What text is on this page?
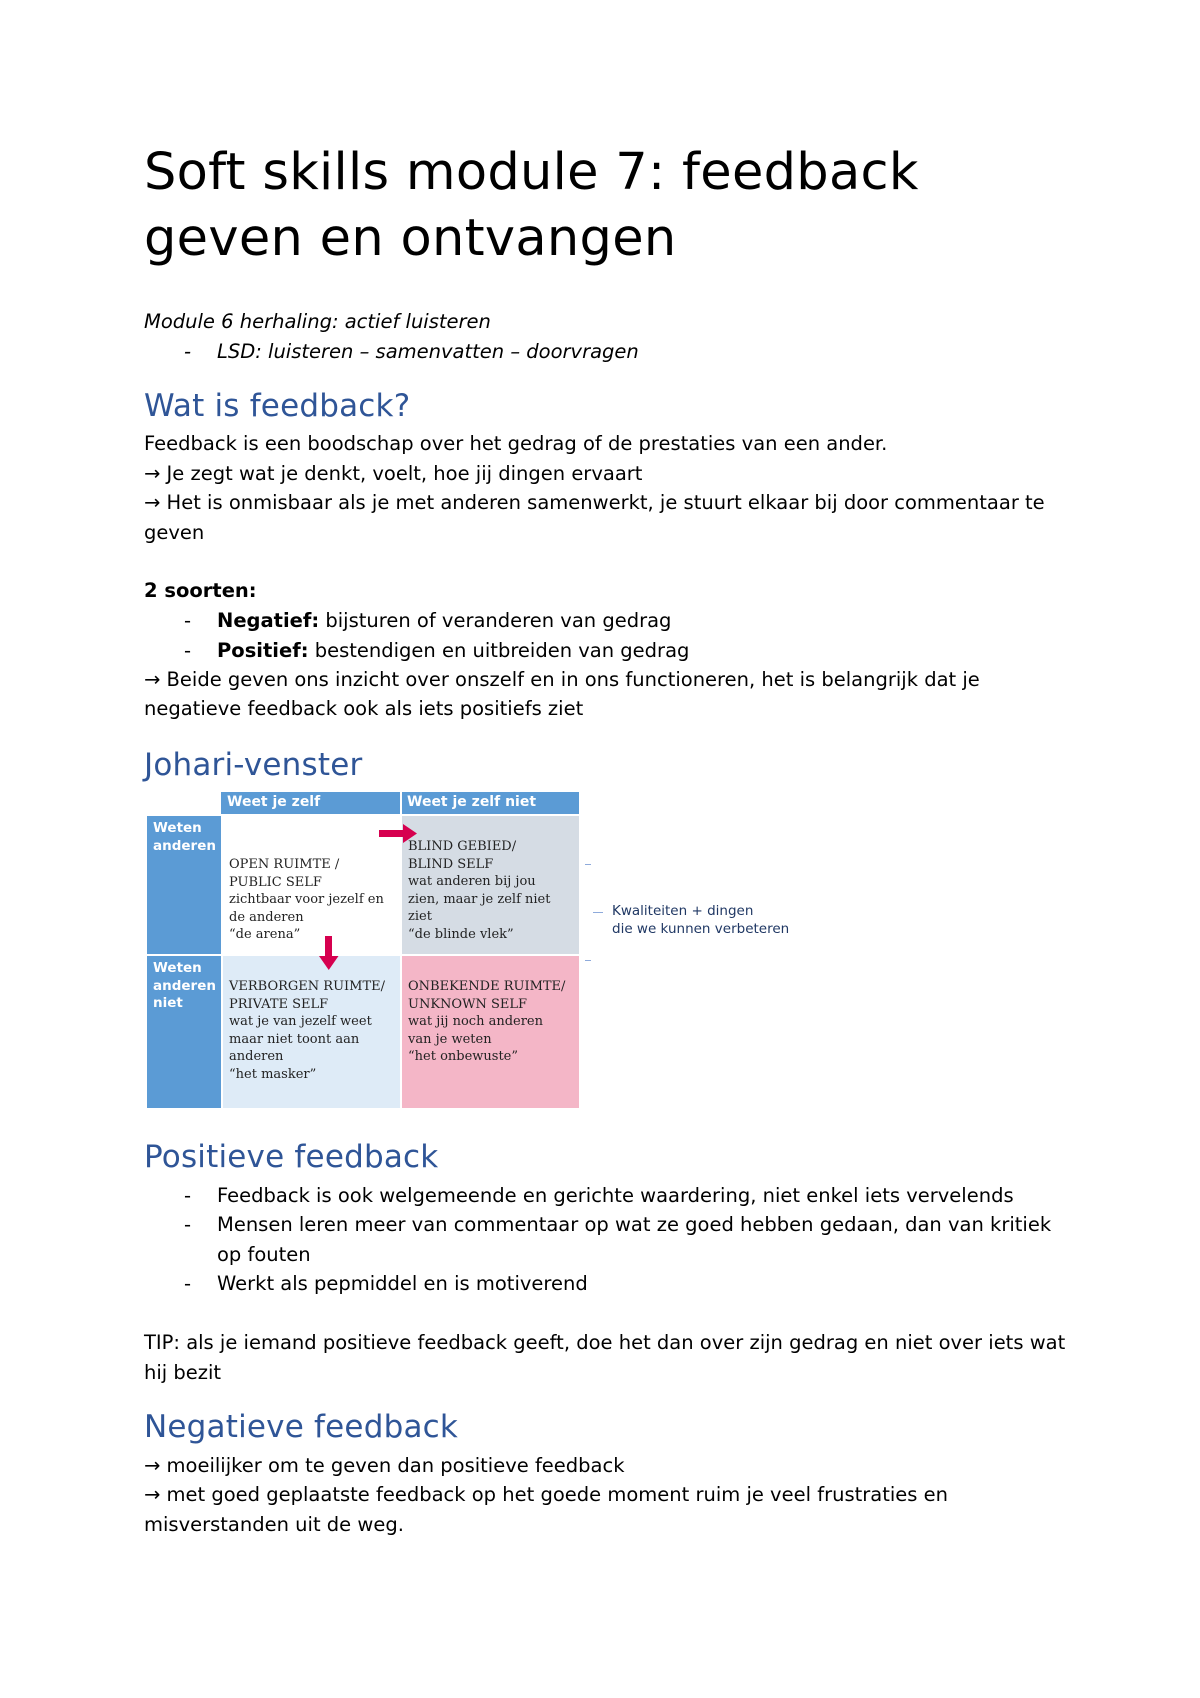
Soft skills module 7: feedback
geven en ontvangen
Module 6 herhaling: actief luisteren
- LSD: luisteren – samenvatten – doorvragen
Wat is feedback?
Feedback is een boodschap over het gedrag of de prestaties van een ander.
→ Je zegt wat je denkt, voelt, hoe jij dingen ervaart
→ Het is onmisbaar als je met anderen samenwerkt, je stuurt elkaar bij door commentaar te
geven
2 soorten:
- Negatief: bijsturen of veranderen van gedrag
- Positief: bestendigen en uitbreiden van gedrag
→ Beide geven ons inzicht over onszelf en in ons functioneren, het is belangrijk dat je
negatieve feedback ook als iets positiefs ziet
Johari-venster
Weet je zelf	Weet je zelf niet
Weten
anderen
Weten
anderen
niet
OPEN RUIMTE /
PUBLIC SELF
zichtbaar voor jezelf en
de anderen
“de arena”
BLIND GEBIED/
BLIND SELF
wat anderen bij jou
zien, maar je zelf niet
ziet
“de blinde vlek”
VERBORGEN RUIMTE/
PRIVATE SELF
wat je van jezelf weet
maar niet toont aan
anderen
“het masker”
ONBEKENDE RUIMTE/
UNKNOWN SELF
wat jij noch anderen
van je weten
“het onbewuste”
Kwaliteiten + dingen
die we kunnen verbeteren
Positieve feedback
- Feedback is ook welgemeende en gerichte waardering, niet enkel iets vervelends
- Mensen leren meer van commentaar op wat ze goed hebben gedaan, dan van kritiek
op fouten
- Werkt als pepmiddel en is motiverend
TIP: als je iemand positieve feedback geeft, doe het dan over zijn gedrag en niet over iets wat
hij bezit
Negatieve feedback
→ moeilijker om te geven dan positieve feedback
→ met goed geplaatste feedback op het goede moment ruim je veel frustraties en
misverstanden uit de weg.
